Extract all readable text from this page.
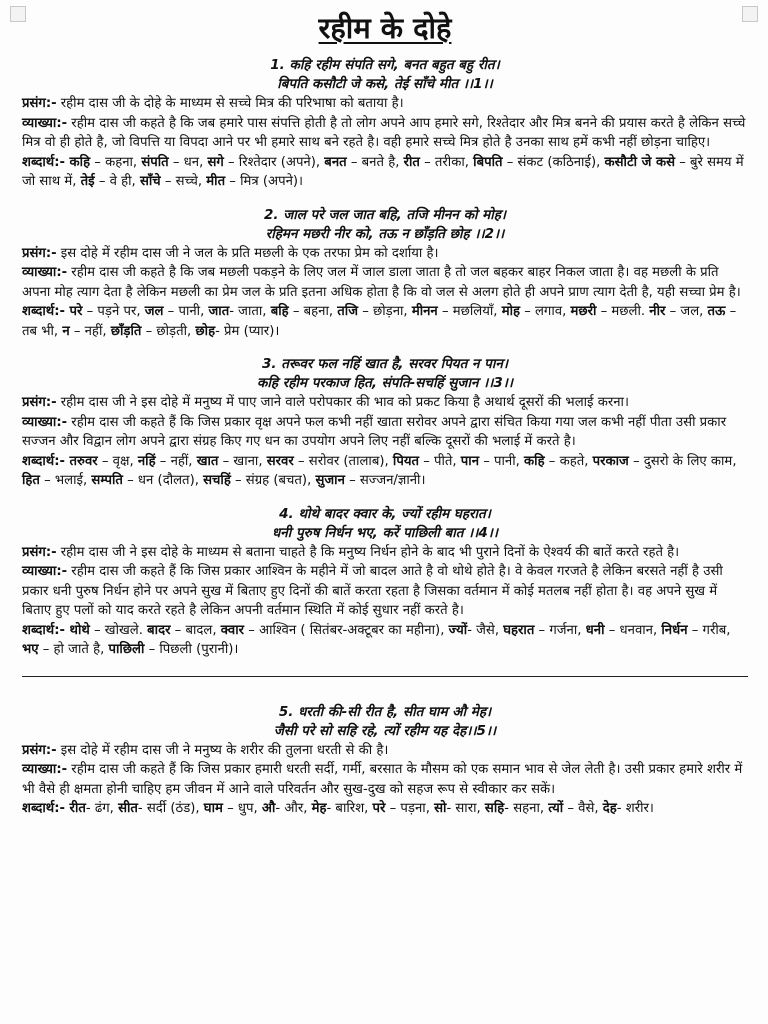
रहीम के दोहे

1. कहि रहीम संपति सगे, बनत बहुत बहु रीत।

बिपति कसौटी जे कसे, तेई साँचे मीत ।।1।।

प्रसंग:- रहीम दास जी के दोहे के माध्यम से सच्चे मित्र की परिभाषा को बताया है।

व्याख्या:- रहीम दास जी कहते है कि जब हमारे पास संपत्ति होती है तो लोग अपने आप हमारे सगे, रिश्तेदार और मित्र बनने की प्रयास करते है लेकिन सच्चे मित्र वो ही होते है, जो विपत्ति या विपदा आने पर भी हमारे साथ बने रहते है। वही हमारे सच्चे मित्र होते है उनका साथ हमें कभी नहीं छोड़ना चाहिए।

शब्दार्थ:- कहि – कहना, संपति – धन, सगे – रिश्तेदार (अपने), बनत – बनते है, रीत – तरीका, बिपति – संकट (कठिनाई), कसौटी जे कसे – बुरे समय में जो साथ में, तेई – वे ही, साँचे – सच्चे, मीत – मित्र (अपने)।

2. जाल परे जल जात बहि, तजि मीनन को मोह।

रहिमन मछरी नीर को, तऊ न छाँड़ति छोह ।।2।।

प्रसंग:- इस दोहे में रहीम दास जी ने जल के प्रति मछली के एक तरफा प्रेम को दर्शाया है।

व्याख्या:- रहीम दास जी कहते है कि जब मछली पकड़ने के लिए जल में जाल डाला जाता है तो जल बहकर बाहर निकल जाता है। वह मछली के प्रति अपना मोह त्याग देता है लेकिन मछली का प्रेम जल के प्रति इतना अधिक होता है कि वो जल से अलग होते ही अपने प्राण त्याग देती है, यही सच्चा प्रेम है।

शब्दार्थ:- परे – पड़ने पर, जल – पानी, जात- जाता, बहि – बहना, तजि – छोड़ना, मीनन – मछलियाँ, मोह – लगाव, मछरी – मछली. नीर – जल, तऊ – तब भी, न – नहीं, छाँड़ति – छोड़ती, छोह- प्रेम (प्यार)।

3. तरूवर फल नहिं खात है, सरवर पियत न पान।

कहि रहीम परकाज हित, संपति-सचहिं सुजान ।।3।।

प्रसंग:- रहीम दास जी ने इस दोहे में मनुष्य में पाए जाने वाले परोपकार की भाव को प्रकट किया है अथार्थ दूसरों की भलाई करना।

व्याख्या:- रहीम दास जी कहते हैं कि जिस प्रकार वृक्ष अपने फल कभी नहीं खाता सरोवर अपने द्वारा संचित किया गया जल कभी नहीं पीता उसी प्रकार सज्जन और विद्वान लोग अपने द्वारा संग्रह किए गए धन का उपयोग अपने लिए नहीं बल्कि दूसरों की भलाई में करते है।

शब्दार्थ:- तरुवर – वृक्ष, नहिं – नहीं, खात – खाना, सरवर – सरोवर (तालाब), पियत – पीते, पान – पानी, कहि – कहते, परकाज – दुसरो के लिए काम, हित – भलाई, सम्पति – धन (दौलत), सचहिं – संग्रह (बचत), सुजान – सज्जन/ज्ञानी।

4. थोथे बादर क्वार के, ज्यों रहीम घहरात।

धनी पुरुष निर्धन भए, करें पाछिली बात ।।4।।

प्रसंग:- रहीम दास जी ने इस दोहे के माध्यम से बताना चाहते है कि मनुष्य निर्धन होने के बाद भी पुराने दिनों के ऐश्वर्य की बातें करते रहते है।

व्याख्या:- रहीम दास जी कहते हैं कि जिस प्रकार आश्विन के महीने में जो बादल आते है वो थोथे होते है। वे केवल गरजते है लेकिन बरसते नहीं है उसी प्रकार धनी पुरुष निर्धन होने पर अपने सुख में बिताए हुए दिनों की बातें करता रहता है जिसका वर्तमान में कोई मतलब नहीं होता है। वह अपने सुख में बिताए हुए पलों को याद करते रहते है लेकिन अपनी वर्तमान स्थिति में कोई सुधार नहीं करते है।

शब्दार्थ:- थोथे – खोखले. बादर – बादल, क्वार – आश्विन ( सितंबर-अक्टूबर का महीना), ज्यों- जैसे, घहरात – गर्जना, धनी – धनवान, निर्धन – गरीब, भए – हो जाते है, पाछिली – पिछली (पुरानी)।

5. धरती की-सी रीत है, सीत घाम औ मेह।

जैसी परे सो सहि रहे, त्यों रहीम यह देह।।5।।

प्रसंग:- इस दोहे में रहीम दास जी ने मनुष्य के शरीर की तुलना धरती से की है।

व्याख्या:- रहीम दास जी कहते हैं कि जिस प्रकार हमारी धरती सर्दी, गर्मी, बरसात के मौसम को एक समान भाव से जेल लेती है। उसी प्रकार हमारे शरीर में भी वैसे ही क्षमता होनी चाहिए हम जीवन में आने वाले परिवर्तन और सुख-दुख को सहज रूप से स्वीकार कर सकें।

शब्दार्थ:- रीत- ढंग, सीत- सर्दी (ठंड), घाम – धुप, औ- और, मेह- बारिश, परे – पड़ना, सो- सारा, सहि- सहना, त्यों – वैसे, देह- शरीर।
